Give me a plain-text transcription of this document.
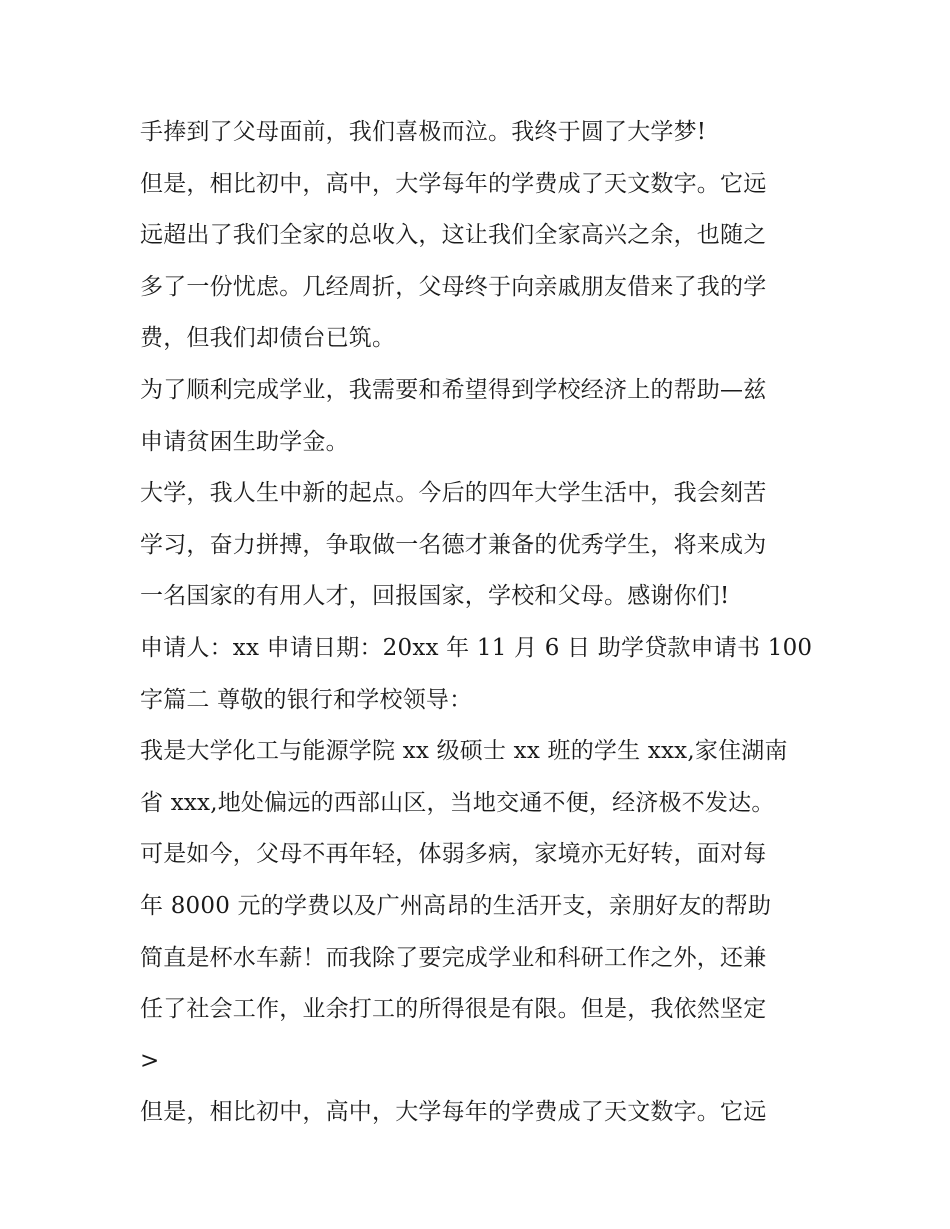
手捧到了父母面前，我们喜极而泣。我终于圆了大学梦!
但是，相比初中，高中，大学每年的学费成了天文数字。它远
远超出了我们全家的总收入，这让我们全家高兴之余，也随之
多了一份忧虑。几经周折，父母终于向亲戚朋友借来了我的学
费，但我们却债台已筑。
为了顺利完成学业，我需要和希望得到学校经济上的帮助—兹
申请贫困生助学金。
大学，我人生中新的起点。今后的四年大学生活中，我会刻苦
学习，奋力拼搏，争取做一名德才兼备的优秀学生，将来成为
一名国家的有用人才，回报国家，学校和父母。感谢你们!
申请人：xx 申请日期：20xx 年 11 月 6 日 助学贷款申请书 100
字篇二 尊敬的银行和学校领导：
我是大学化工与能源学院 xx 级硕士 xx 班的学生 xxx,家住湖南
省 xxx,地处偏远的西部山区，当地交通不便，经济极不发达。
可是如今，父母不再年轻，体弱多病，家境亦无好转，面对每
年 8000 元的学费以及广州高昂的生活开支，亲朋好友的帮助
简直是杯水车薪！而我除了要完成学业和科研工作之外，还兼
任了社会工作，业余打工的所得很是有限。但是，我依然坚定
>
但是，相比初中，高中，大学每年的学费成了天文数字。它远
